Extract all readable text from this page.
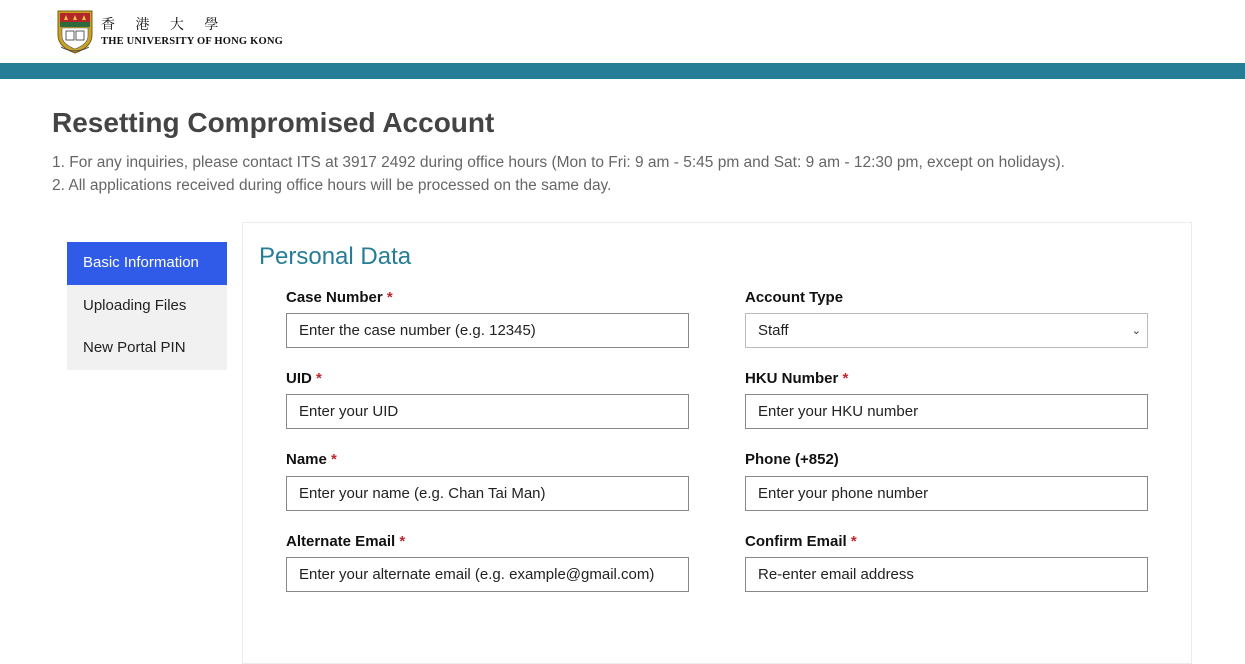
香 港 大 學
THE UNIVERSITY OF HONG KONG
Resetting Compromised Account
1. For any inquiries, please contact ITS at 3917 2492 during office hours (Mon to Fri: 9 am - 5:45 pm and Sat: 9 am - 12:30 pm, except on holidays).
2. All applications received during office hours will be processed on the same day.
Basic Information
Uploading Files
New Portal PIN
Personal Data
Case Number *
Enter the case number (e.g. 12345)	Account Type
Staff	⌄
UID *
Enter your UID	HKU Number *
Enter your HKU number
Name *
Enter your name (e.g. Chan Tai Man)	Phone (+852)
Enter your phone number
Alternate Email *
Enter your alternate email (e.g. example@gmail.com)	Confirm Email *
Re-enter email address
